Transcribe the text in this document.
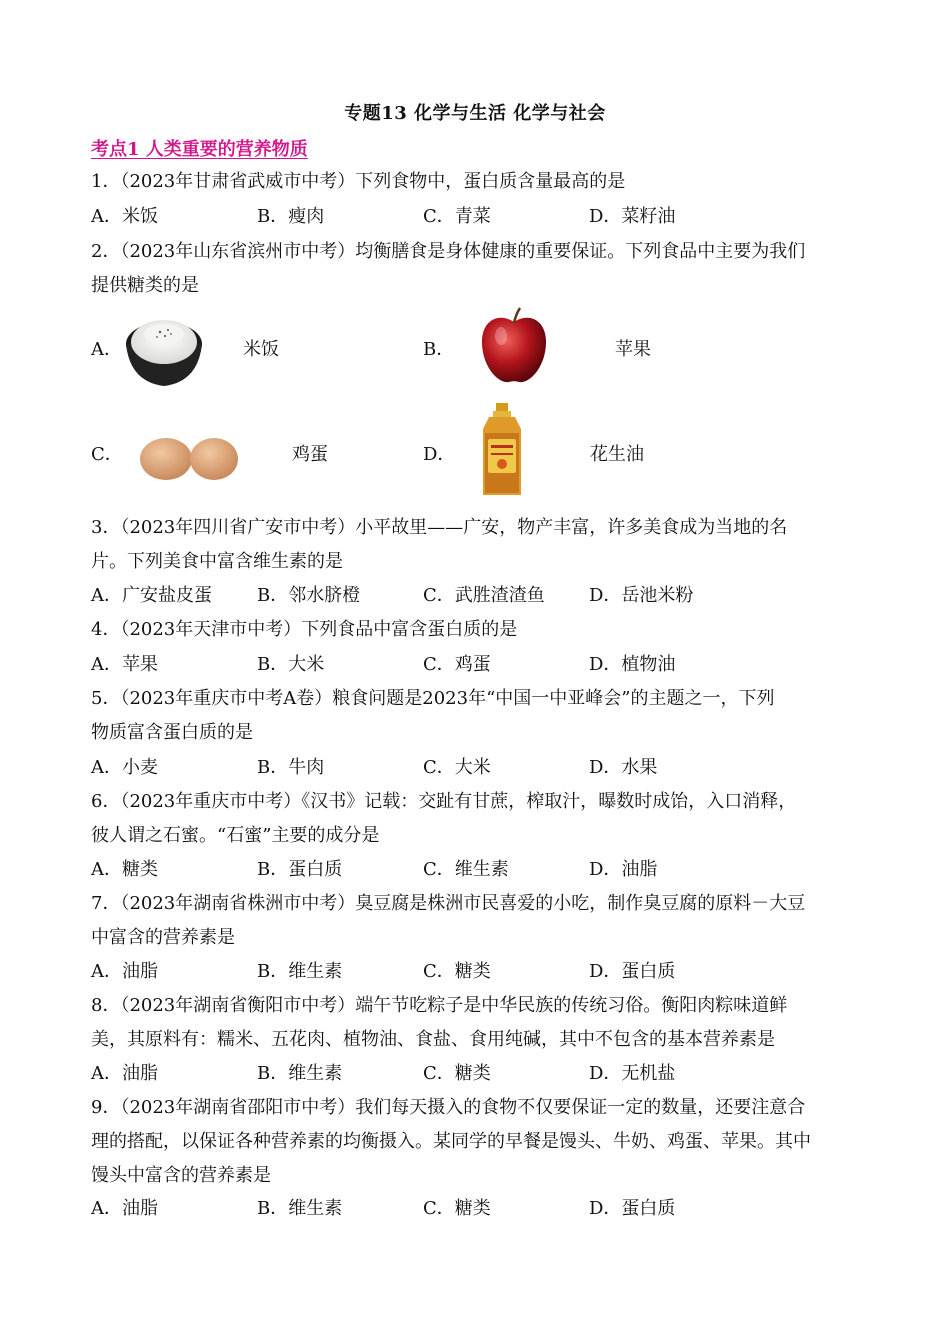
专题13 化学与生活 化学与社会
考点1 人类重要的营养物质
1．（2023年甘肃省武威市中考）下列食物中，蛋白质含量最高的是
A．米饭	B．瘦肉	C．青菜	D．菜籽油
2．（2023年山东省滨州市中考）均衡膳食是身体健康的重要保证。下列食品中主要为我们
提供糖类的是
A．	米饭	B．	苹果
C．	鸡蛋	D．	花生油
3．（2023年四川省广安市中考）小平故里——广安，物产丰富，许多美食成为当地的名
片。下列美食中富含维生素的是
A．广安盐皮蛋	B．邻水脐橙	C．武胜渣渣鱼 D．岳池米粉
4．（2023年天津市中考）下列食品中富含蛋白质的是
A．苹果	B．大米	C．鸡蛋	D．植物油
5．（2023年重庆市中考A卷）粮食问题是2023年“中国一中亚峰会”的主题之一，下列
物质富含蛋白质的是
A．小麦	B．牛肉	C．大米	D．水果
6．（2023年重庆市中考）《汉书》记载：交趾有甘蔗，榨取汁，曝数时成饴，入口消释，
彼人谓之石蜜。“石蜜”主要的成分是
A．糖类	B．蛋白质	C．维生素	D．油脂
7．（2023年湖南省株洲市中考）臭豆腐是株洲市民喜爱的小吃，制作臭豆腐的原料－大豆
中富含的营养素是
A．油脂	B．维生素	C．糖类	D．蛋白质
8．（2023年湖南省衡阳市中考）端午节吃粽子是中华民族的传统习俗。衡阳肉粽味道鲜
美，其原料有：糯米、五花肉、植物油、食盐、食用纯碱，其中不包含的基本营养素是
A．油脂	B．维生素	C．糖类	D．无机盐
9．（2023年湖南省邵阳市中考）我们每天摄入的食物不仅要保证一定的数量，还要注意合
理的搭配，以保证各种营养素的均衡摄入。某同学的早餐是馒头、牛奶、鸡蛋、苹果。其中
馒头中富含的营养素是
A．油脂	B．维生素	C．糖类	D．蛋白质
